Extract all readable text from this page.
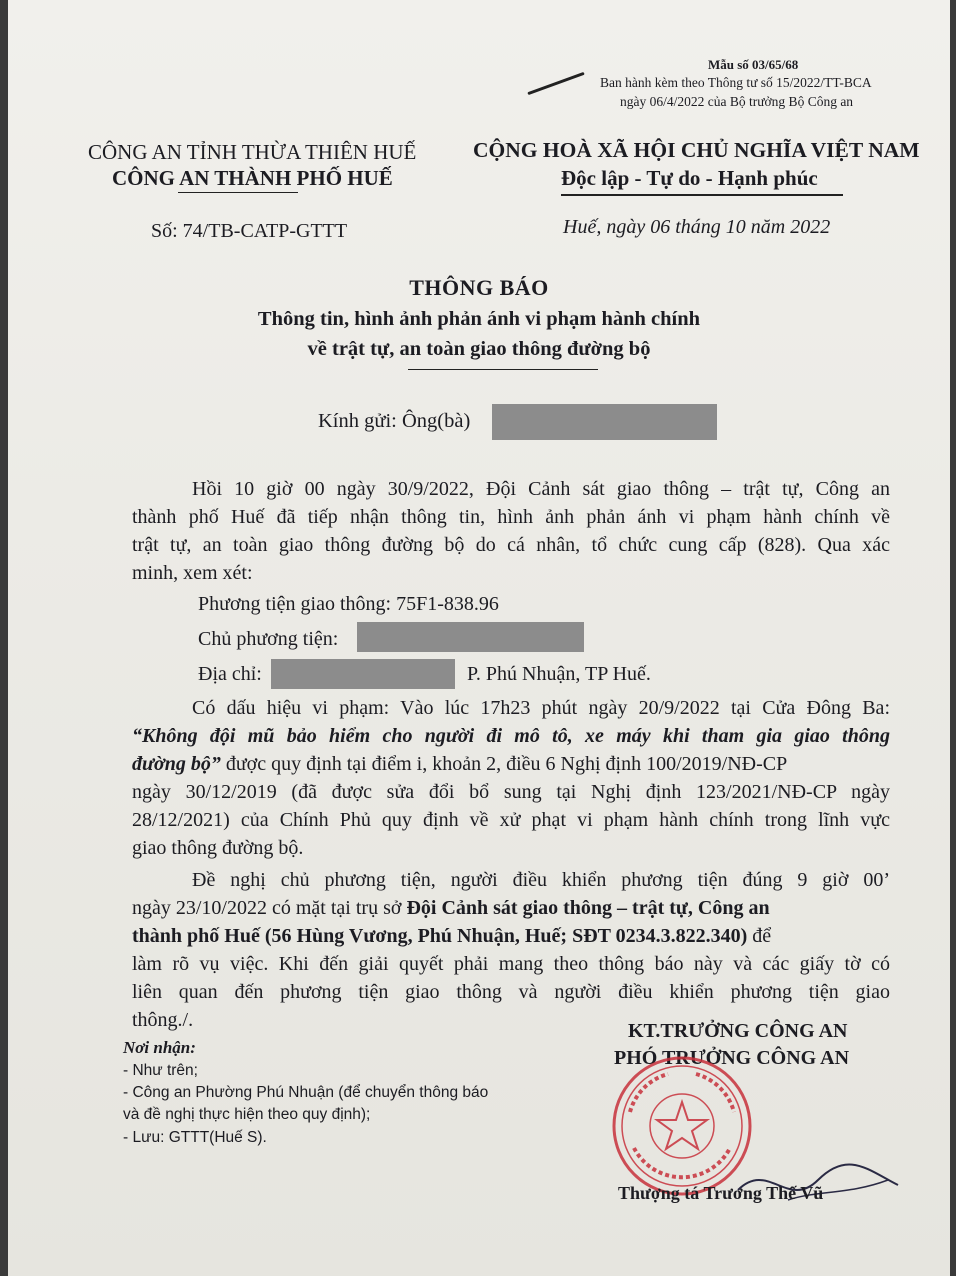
Mẫu số 03/65/68
Ban hành kèm theo Thông tư số 15/2022/TT-BCA
ngày 06/4/2022 của Bộ trưởng Bộ Công an
CÔNG AN TỈNH THỪA THIÊN HUẾ
CÔNG AN THÀNH PHỐ HUẾ
CỘNG HOÀ XÃ HỘI CHỦ NGHĨA VIỆT NAM
Độc lập - Tự do - Hạnh phúc
Số: 74/TB-CATP-GTTT	Huế, ngày 06 tháng 10 năm 2022
THÔNG BÁO
Thông tin, hình ảnh phản ánh vi phạm hành chính
về trật tự, an toàn giao thông đường bộ
Kính gửi: Ông(bà)
Hồi 10 giờ 00 ngày 30/9/2022, Đội Cảnh sát giao thông – trật tự, Công an
thành phố Huế đã tiếp nhận thông tin, hình ảnh phản ánh vi phạm hành chính về
trật tự, an toàn giao thông đường bộ do cá nhân, tổ chức cung cấp (828). Qua xác
minh, xem xét:
Phương tiện giao thông: 75F1-838.96
Chủ phương tiện:
Địa chỉ:	P. Phú Nhuận, TP Huế.
Có dấu hiệu vi phạm: Vào lúc 17h23 phút ngày 20/9/2022 tại Cửa Đông Ba:
“Không đội mũ bảo hiểm cho người đi mô tô, xe máy khi tham gia giao thông
đường bộ” được quy định tại điểm i, khoản 2, điều 6 Nghị định 100/2019/NĐ-CP
ngày 30/12/2019 (đã được sửa đổi bổ sung tại Nghị định 123/2021/NĐ-CP ngày
28/12/2021) của Chính Phủ quy định về xử phạt vi phạm hành chính trong lĩnh vực
giao thông đường bộ.
Đề nghị chủ phương tiện, người điều khiển phương tiện đúng 9 giờ 00’
ngày 23/10/2022 có mặt tại trụ sở Đội Cảnh sát giao thông – trật tự, Công an
thành phố Huế (56 Hùng Vương, Phú Nhuận, Huế; SĐT 0234.3.822.340) để
làm rõ vụ việc. Khi đến giải quyết phải mang theo thông báo này và các giấy tờ có
liên quan đến phương tiện giao thông và người điều khiển phương tiện giao
thông./.
Nơi nhận:
- Như trên;
- Công an Phường Phú Nhuận (để chuyển thông báo
và đề nghị thực hiện theo quy định);
- Lưu: GTTT(Huế S).
KT.TRƯỞNG CÔNG AN
PHÓ TRƯỞNG CÔNG AN
Thượng tá Trương Thế Vũ
